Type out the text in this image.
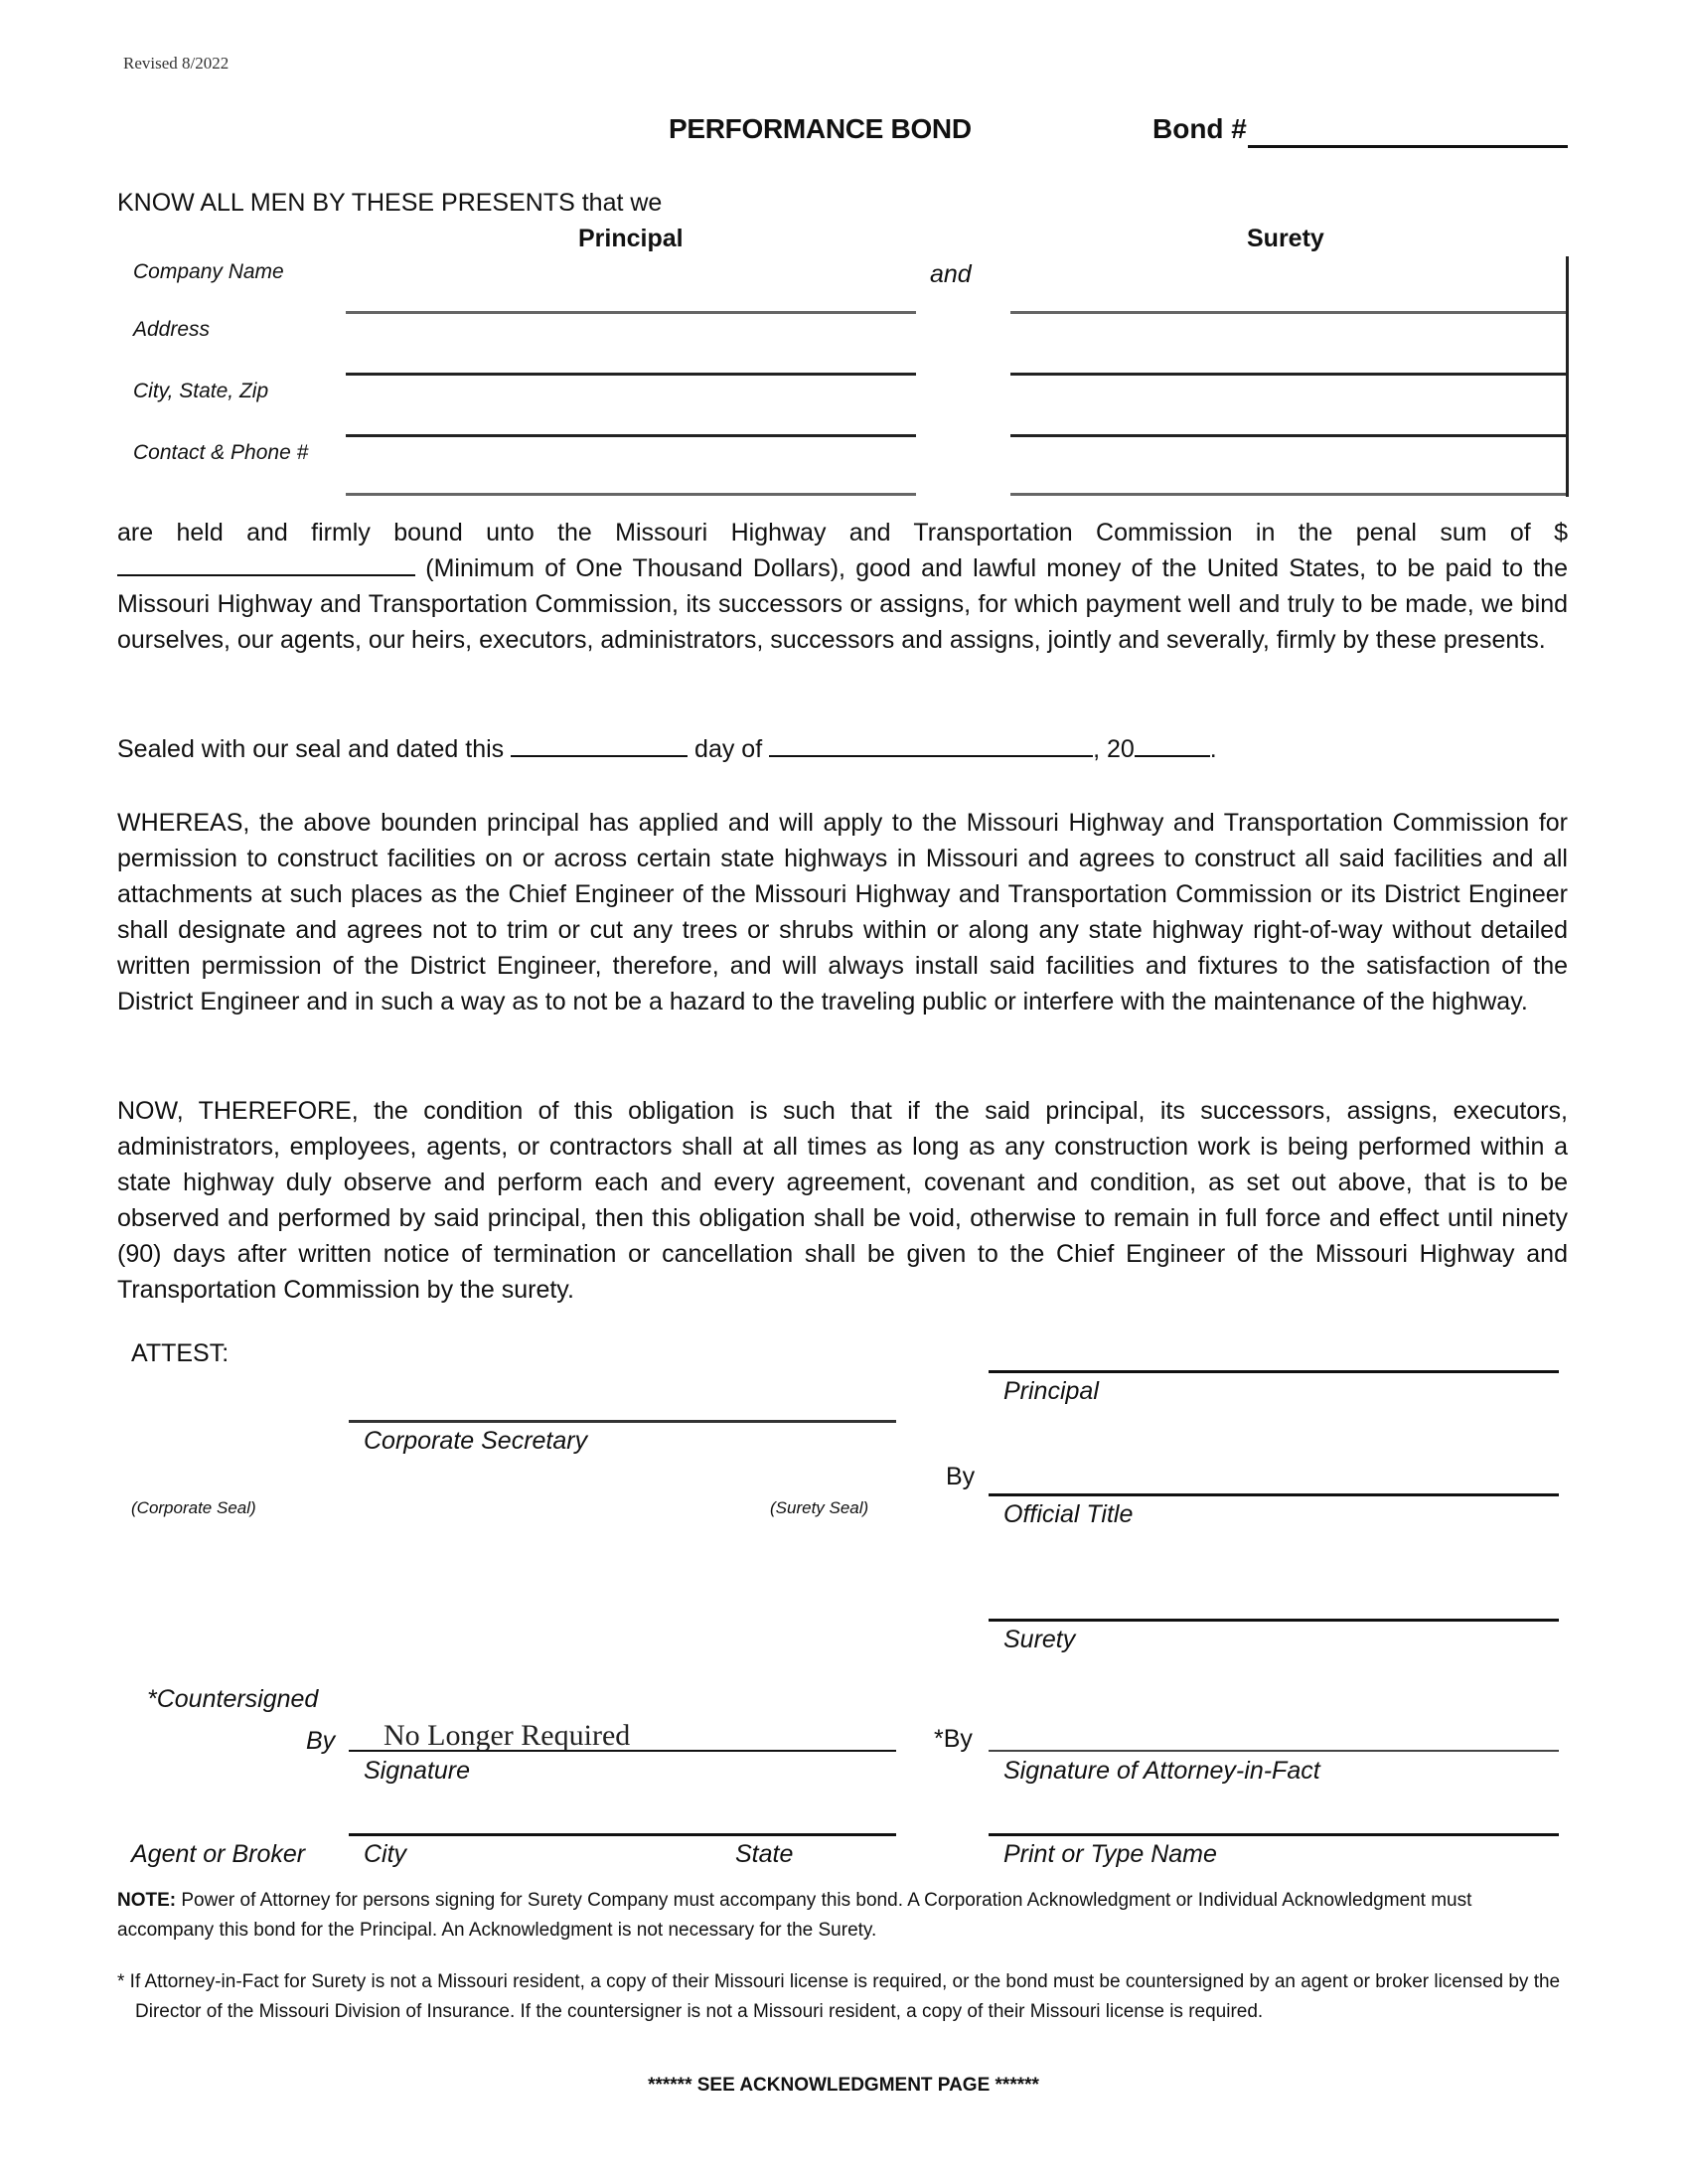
Revised 8/2022
PERFORMANCE BOND	Bond #
KNOW ALL MEN BY THESE PRESENTS that we
Principal	Surety
and
Company Name
Address
City, State, Zip
Contact & Phone #
are held and firmly bound unto the Missouri Highway and Transportation Commission in the penal sum of $ (Minimum of One Thousand Dollars), good and lawful money of the United States, to be paid to the Missouri Highway and Transportation Commission, its successors or assigns, for which payment well and truly to be made, we bind ourselves, our agents, our heirs, executors, administrators, successors and assigns, jointly and severally, firmly by these presents.
Sealed with our seal and dated this	day of	, 20	.
WHEREAS, the above bounden principal has applied and will apply to the Missouri Highway and Transportation Commission for permission to construct facilities on or across certain state highways in Missouri and agrees to construct all said facilities and all attachments at such places as the Chief Engineer of the Missouri Highway and Transportation Commission or its District Engineer shall designate and agrees not to trim or cut any trees or shrubs within or along any state highway right-of-way without detailed written permission of the District Engineer, therefore, and will always install said facilities and fixtures to the satisfaction of the District Engineer and in such a way as to not be a hazard to the traveling public or interfere with the maintenance of the highway.
NOW, THEREFORE, the condition of this obligation is such that if the said principal, its successors, assigns, executors, administrators, employees, agents, or contractors shall at all times as long as any construction work is being performed within a state highway duly observe and perform each and every agreement, covenant and condition, as set out above, that is to be observed and performed by said principal, then this obligation shall be void, otherwise to remain in full force and effect until ninety (90) days after written notice of termination or cancellation shall be given to the Chief Engineer of the Missouri Highway and Transportation Commission by the surety.
ATTEST:
Principal
Corporate Secretary
By
Official Title
(Corporate Seal)	(Surety Seal)
Surety
*Countersigned
By No Longer Required
Signature
*By
Signature of Attorney-in-Fact
Agent or Broker City	State	Print or Type Name
NOTE: Power of Attorney for persons signing for Surety Company must accompany this bond. A Corporation Acknowledgment or Individual Acknowledgment must accompany this bond for the Principal. An Acknowledgment is not necessary for the Surety.
* If Attorney-in-Fact for Surety is not a Missouri resident, a copy of their Missouri license is required, or the bond must be countersigned by an agent or broker licensed by the Director of the Missouri Division of Insurance. If the countersigner is not a Missouri resident, a copy of their Missouri license is required.
****** SEE ACKNOWLEDGMENT PAGE ******
